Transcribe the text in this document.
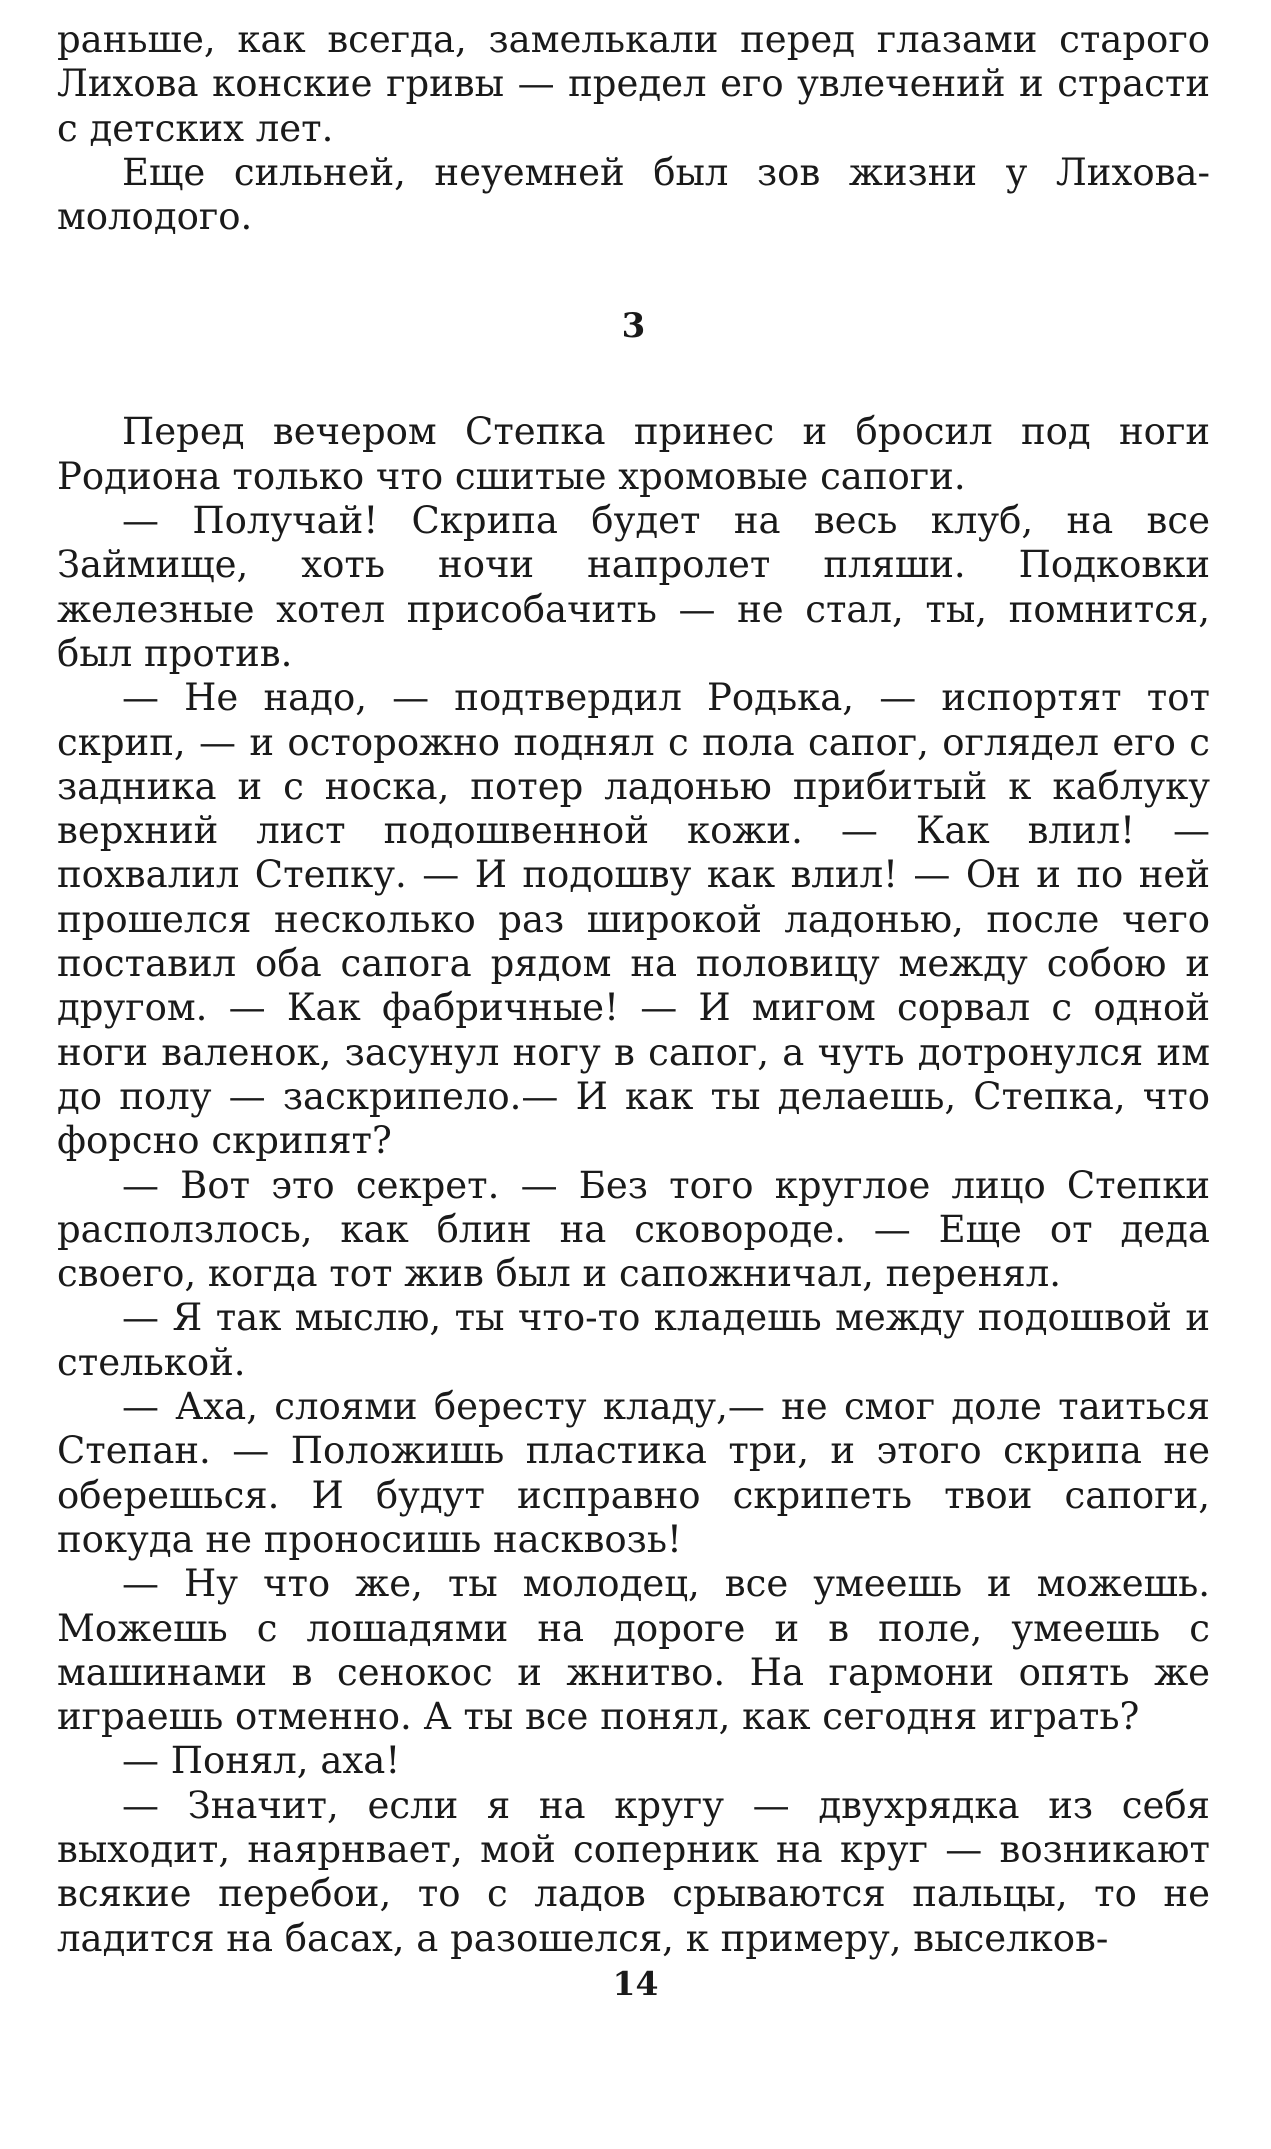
раньше, как всегда, замелькали перед глазами старого Лихова конские гривы — предел его увлечений и страсти с детских лет.

Еще сильней, неуемней был зов жизни у Лихова-молодого.

3

Перед вечером Степка принес и бросил под ноги Родиона только что сшитые хромовые сапоги.

— Получай! Скрипа будет на весь клуб, на все Займище, хоть ночи напролет пляши. Подковки железные хотел присобачить — не стал, ты, помнится, был против.

— Не надо, — подтвердил Родька, — испортят тот скрип, — и осторожно поднял с пола сапог, оглядел его с задника и с носка, потер ладонью прибитый к каблуку верхний лист подошвенной кожи. — Как влил! — похвалил Степку. — И подошву как влил! — Он и по ней прошелся несколько раз широкой ладонью, после чего поставил оба сапога рядом на половицу между собою и другом. — Как фабричные! — И мигом сорвал с одной ноги валенок, засунул ногу в сапог, а чуть дотронулся им до полу — заскрипело.— И как ты делаешь, Степка, что форсно скрипят?

— Вот это секрет. — Без того круглое лицо Степки расползлось, как блин на сковороде. — Еще от деда своего, когда тот жив был и сапожничал, перенял.

— Я так мыслю, ты что-то кладешь между подошвой и стелькой.

— Аха, слоями бересту кладу,— не смог доле таиться Степан. — Положишь пластика три, и этого скрипа не оберешься. И будут исправно скрипеть твои сапоги, покуда не проносишь насквозь!

— Ну что же, ты молодец, все умеешь и можешь. Можешь с лошадями на дороге и в поле, умеешь с машинами в сенокос и жнитво. На гармони опять же играешь отменно. А ты все понял, как сегодня играть?

— Понял, аха!

— Значит, если я на кругу — двухрядка из себя выходит, наярнвает, мой соперник на круг — возникают всякие перебои, то с ладов срываются пальцы, то не ладится на басах, а разошелся, к примеру, выселков-

14
